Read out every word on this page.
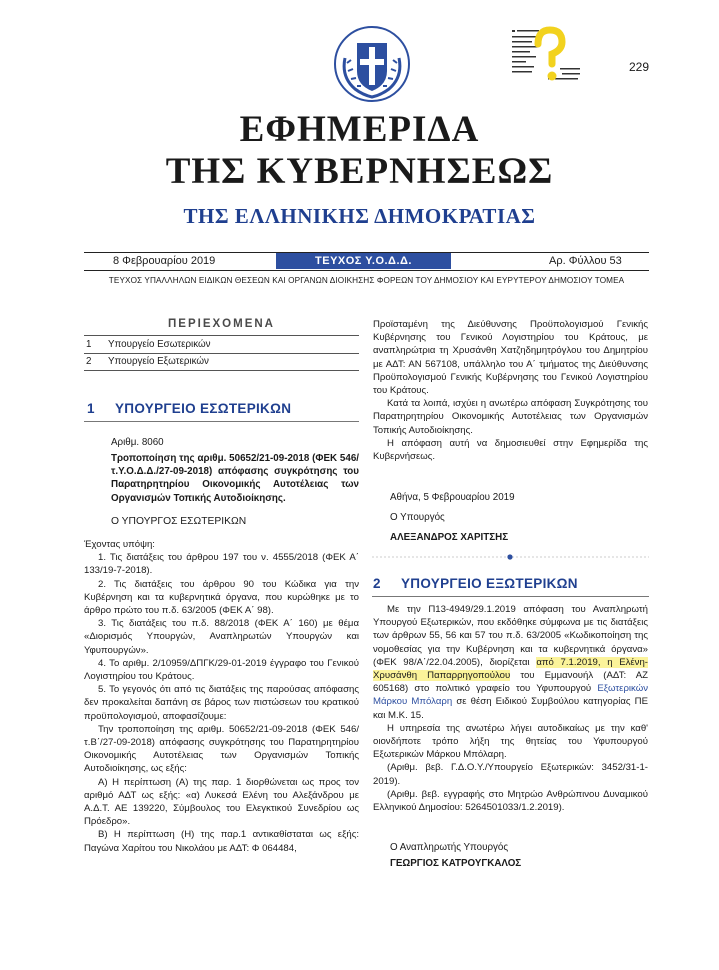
229
ΕΦΗΜΕΡΙΔΑ
ΤΗΣ ΚΥΒΕΡΝΗΣΕΩΣ
ΤΗΣ ΕΛΛΗΝΙΚΗΣ ΔΗΜΟΚΡΑΤΙΑΣ
8 Φεβρουαρίου 2019	ΤΕΥΧΟΣ Υ.Ο.Δ.Δ.	Αρ. Φύλλου 53
ΤΕΥΧΟΣ ΥΠΑΛΛΗΛΩΝ ΕΙΔΙΚΩΝ ΘΕΣΕΩΝ ΚΑΙ ΟΡΓΑΝΩΝ ΔΙΟΙΚΗΣΗΣ ΦΟΡΕΩΝ ΤΟΥ ΔΗΜΟΣΙΟΥ ΚΑΙ ΕΥΡΥΤΕΡΟΥ ΔΗΜΟΣΙΟΥ ΤΟΜΕΑ
ΠΕΡΙΕΧΟΜΕΝΑ
1 Υπουργείο Εσωτερικών
2 Υπουργείο Εξωτερικών
1 ΥΠΟΥΡΓΕΙΟ ΕΣΩΤΕΡΙΚΩΝ
Αριθμ. 8060
Τροποποίηση της αριθμ. 50652/21-09-2018 (ΦΕΚ 546/τ.Υ.Ο.Δ.Δ./27-09-2018) απόφασης συγκρότησης του Παρατηρητηρίου Οικονομικής Αυτοτέλειας των Οργανισμών Τοπικής Αυτοδιοίκησης.
Ο ΥΠΟΥΡΓΟΣ ΕΣΩΤΕΡΙΚΩΝ

Έχοντας υπόψη:

1. Τις διατάξεις του άρθρου 197 του ν. 4555/2018 (ΦΕΚ Α΄ 133/19-7-2018).

2. Τις διατάξεις του άρθρου 90 του Κώδικα για την Κυβέρνηση και τα κυβερνητικά όργανα, που κυρώθηκε με το άρθρο πρώτο του π.δ. 63/2005 (ΦΕΚ Α΄ 98).

3. Τις διατάξεις του π.δ. 88/2018 (ΦΕΚ Α΄ 160) με θέμα «Διορισμός Υπουργών, Αναπληρωτών Υπουργών και Υφυπουργών».

4. Το αριθμ. 2/10959/ΔΠΓΚ/29-01-2019 έγγραφο του Γενικού Λογιστηρίου του Κράτους.

5. Το γεγονός ότι από τις διατάξεις της παρούσας απόφασης δεν προκαλείται δαπάνη σε βάρος των πιστώσεων του κρατικού προϋπολογισμού, αποφασίζουμε:

Την τροποποίηση της αριθμ. 50652/21-09-2018 (ΦΕΚ 546/τ.Β΄/27-09-2018) απόφασης συγκρότησης του Παρατηρητηρίου Οικονομικής Αυτοτέλειας των Οργανισμών Τοπικής Αυτοδιοίκησης, ως εξής:

Α) Η περίπτωση (Α) της παρ. 1 διορθώνεται ως προς τον αριθμό ΑΔΤ ως εξής: «α) Λυκεσά Ελένη του Αλεξάνδρου με Α.Δ.Τ. ΑΕ 139220, Σύμβουλος του Ελεγκτικού Συνεδρίου ως Πρόεδρο».

Β) Η περίπτωση (Η) της παρ.1 αντικαθίσταται ως εξής: Παγώνα Χαρίτου του Νικολάου με ΑΔΤ: Φ 064484,

Προϊσταμένη της Διεύθυνσης Προϋπολογισμού Γενικής Κυβέρνησης του Γενικού Λογιστηρίου του Κράτους, με αναπληρώτρια τη Χρυσάνθη Χατζηδημητρόγλου του Δημητρίου με ΑΔΤ: ΑΝ 567108, υπάλληλο του Α΄ τμήματος της Διεύθυνσης Προϋπολογισμού Γενικής Κυβέρνησης του Γενικού Λογιστηρίου του Κράτους.

Κατά τα λοιπά, ισχύει η ανωτέρω απόφαση Συγκρότησης του Παρατηρητηρίου Οικονομικής Αυτοτέλειας των Οργανισμών Τοπικής Αυτοδιοίκησης.

Η απόφαση αυτή να δημοσιευθεί στην Εφημερίδα της Κυβερνήσεως.

Αθήνα, 5 Φεβρουαρίου 2019
Ο Υπουργός
ΑΛΕΞΑΝΔΡΟΣ ΧΑΡΙΤΣΗΣ
2 ΥΠΟΥΡΓΕΙΟ ΕΞΩΤΕΡΙΚΩΝ

Με την Π13-4949/29.1.2019 απόφαση του Αναπληρωτή Υπουργού Εξωτερικών, που εκδόθηκε σύμφωνα με τις διατάξεις των άρθρων 55, 56 και 57 του π.δ. 63/2005 «Κωδικοποίηση της νομοθεσίας για την Κυβέρνηση και τα κυβερνητικά όργανα» (ΦΕΚ 98/Α΄/22.04.2005), διορίζεται από 7.1.2019, η Ελένη-Χρυσάνθη Παπαρρηγοπούλου του Εμμανουήλ (ΑΔΤ: ΑΖ 605168) στο πολιτικό γραφείο του Υφυπουργού Εξωτερικών Μάρκου Μπόλαρη σε θέση Ειδικού Συμβούλου κατηγορίας ΠΕ και Μ.Κ. 15.

Η υπηρεσία της ανωτέρω λήγει αυτοδικαίως με την καθ' οιονδήποτε τρόπο λήξη της θητείας του Υφυπουργού Εξωτερικών Μάρκου Μπόλαρη.

(Αριθμ. βεβ. Γ.Δ.Ο.Υ./Υπουργείο Εξωτερικών: 3452/31-1-2019).

(Αριθμ. βεβ. εγγραφής στο Μητρώο Ανθρώπινου Δυναμικού Ελληνικού Δημοσίου: 5264501033/1.2.2019).

Ο Αναπληρωτής Υπουργός
ΓΕΩΡΓΙΟΣ ΚΑΤΡΟΥΓΚΑΛΟΣ
